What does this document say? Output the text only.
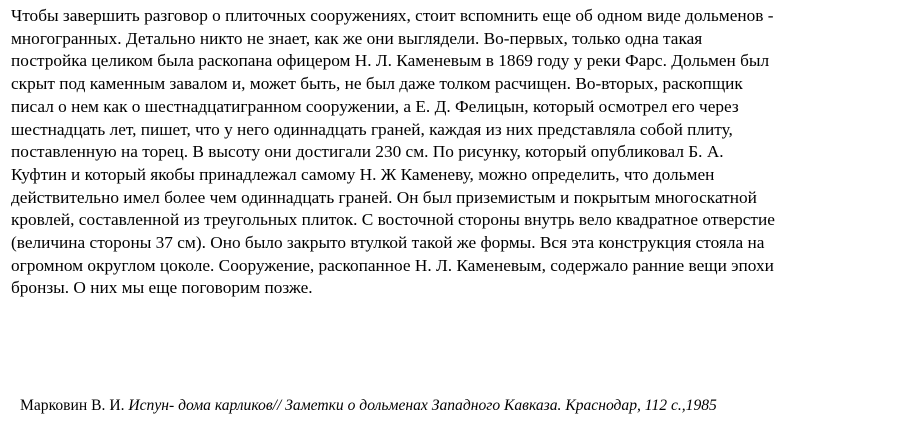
Чтобы завершить разговор о плиточных сооружениях, стоит вспомнить еще об одном виде дольменов -
многогранных. Детально никто не знает, как же они выглядели. Во-первых, только одна такая
постройка целиком была раскопана офицером Н. Л. Каменевым в 1869 году у реки Фарс. Дольмен был
скрыт под каменным завалом и, может быть, не был даже толком расчищен. Во-вторых, раскопщик
писал о нем как о шестнадцатигранном сооружении, а Е. Д. Фелицын, который осмотрел его через
шестнадцать лет, пишет, что у него одиннадцать граней, каждая из них представляла собой плиту,
поставленную на торец. В высоту они достигали 230 см. По рисунку, который опубликовал Б. А.
Куфтин и который якобы принадлежал самому Н. Ж Каменеву, можно определить, что дольмен
действительно имел более чем одиннадцать граней. Он был приземистым и покрытым многоскатной
кровлей, составленной из треугольных плиток. С восточной стороны внутрь вело квадратное отверстие
(величина стороны 37 см). Оно было закрыто втулкой такой же формы. Вся эта конструкция стояла на
огромном округлом цоколе. Сооружение, раскопанное Н. Л. Каменевым, содержало ранние вещи эпохи
бронзы. О них мы еще поговорим позже.

Марковин В. И. Испун- дома карликов// Заметки о дольменах Западного Кавказа. Краснодар, 112 с.,1985
